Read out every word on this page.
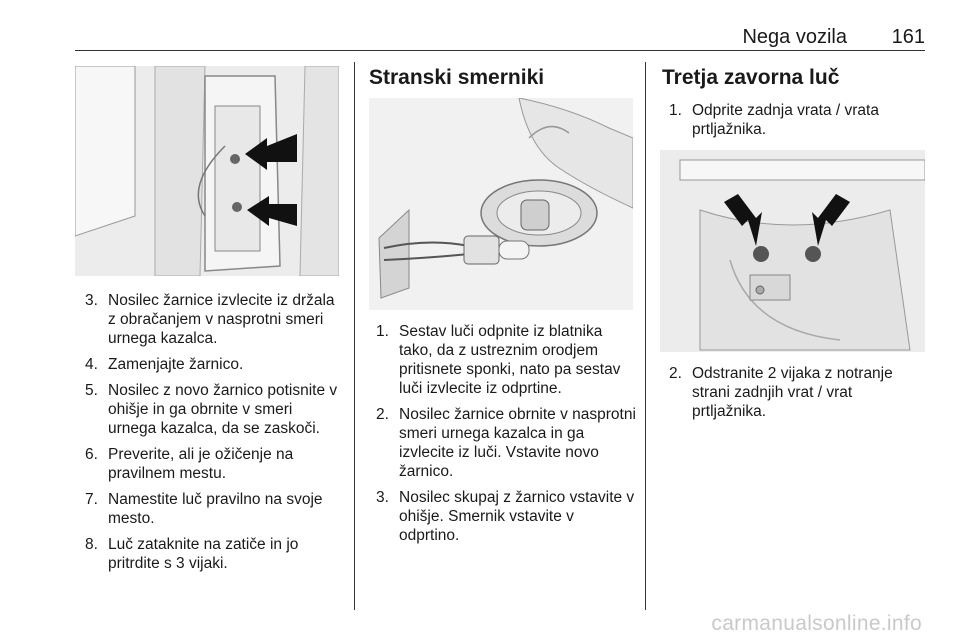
Nega vozila 161
3. Nosilec žarnice izvlecite iz držala z obračanjem v nasprotni smeri urnega kazalca.
4. Zamenjajte žarnico.
5. Nosilec z novo žarnico potisnite v ohišje in ga obrnite v smeri urnega kazalca, da se zaskoči.
6. Preverite, ali je ožičenje na pravilnem mestu.
7. Namestite luč pravilno na svoje mesto.
8. Luč zataknite na zatiče in jo pritrdite s 3 vijaki.
Stranski smerniki
1. Sestav luči odpnite iz blatnika tako, da z ustreznim orodjem pritisnete sponki, nato pa sestav luči izvlecite iz odprtine.
2. Nosilec žarnice obrnite v nasprotni smeri urnega kazalca in ga izvlecite iz luči. Vstavite novo žarnico.
3. Nosilec skupaj z žarnico vstavite v ohišje. Smernik vstavite v odprtino.
Tretja zavorna luč
1. Odprite zadnja vrata / vrata prtljažnika.
2. Odstranite 2 vijaka z notranje strani zadnjih vrat / vrat prtljažnika.
carmanualsonline.info
